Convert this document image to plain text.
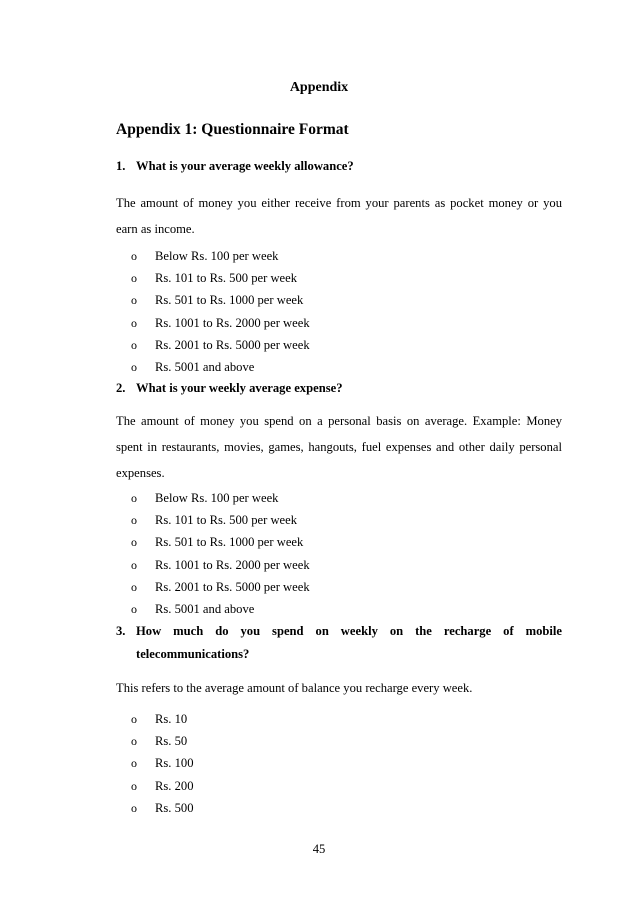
Appendix
Appendix 1: Questionnaire Format
1. What is your average weekly allowance?
The amount of money you either receive from your parents as pocket money or you
earn as income.
o	Below Rs. 100 per week
o	Rs. 101 to Rs. 500 per week
o	Rs. 501 to Rs. 1000 per week
o	Rs. 1001 to Rs. 2000 per week
o	Rs. 2001 to Rs. 5000 per week
o	Rs. 5001 and above
2. What is your weekly average expense?
The amount of money you spend on a personal basis on average. Example: Money
spent in restaurants, movies, games, hangouts, fuel expenses and other daily personal
expenses.
o	Below Rs. 100 per week
o	Rs. 101 to Rs. 500 per week
o	Rs. 501 to Rs. 1000 per week
o	Rs. 1001 to Rs. 2000 per week
o	Rs. 2001 to Rs. 5000 per week
o	Rs. 5001 and above
3. How much do you spend on weekly on the recharge of mobile
telecommunications?
This refers to the average amount of balance you recharge every week.
o	Rs. 10
o	Rs. 50
o	Rs. 100
o	Rs. 200
o	Rs. 500
45
